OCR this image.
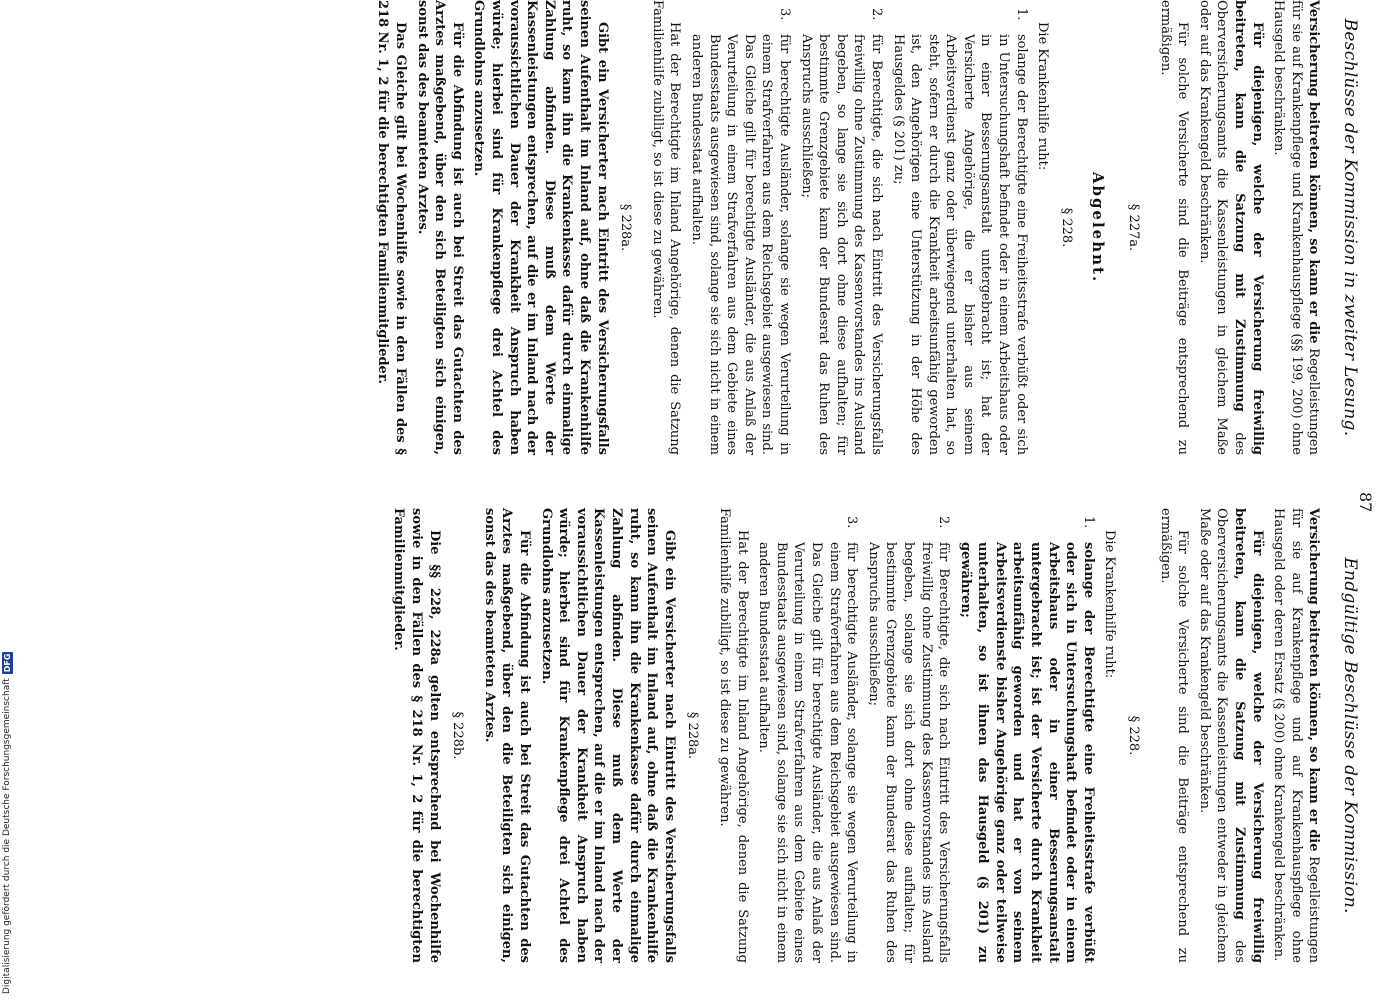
87
Beschlüsse der Kommission in zweiter Lesung.

Versicherung beitreten können, so kann er die Regelleistungen für sie auf Krankenpflege und Krankenhauspflege (§§ 199, 200) ohne Hausgeld beschränken.

Für diejenigen, welche der Versicherung freiwillig beitreten, kann die Satzung mit Zustimmung des Oberversicherungsamts die Kassenleistungen in gleichem Maße oder auf das Krankengeld beschränken.

Für solche Versicherte sind die Beiträge entsprechend zu ermäßigen.

§ 227a.
Abgelehnt.
§ 228.

Die Krankenhilfe ruht:

1.
solange der Berechtigte eine Freiheitsstrafe verbüßt oder sich in Untersuchungshaft befindet oder in einem Arbeitshaus oder in einer Besserungsanstalt untergebracht ist; hat der Versicherte Angehörige, die er bisher aus seinem Arbeitsverdienst ganz oder überwiegend unterhalten hat, so steht, sofern er durch die Krankheit arbeitsunfähig geworden ist, den Angehörigen eine Unterstützung in der Höhe des Hausgeldes (§ 201) zu;
2.
für Berechtigte, die sich nach Eintritt des Versicherungsfalls freiwillig ohne Zustimmung des Kassenvorstandes ins Ausland begeben, so lange sie sich dort ohne diese aufhalten; für bestimmte Grenzgebiete kann der Bundesrat das Ruhen des Anspruchs ausschließen;
3.
für berechtigte Ausländer, solange sie wegen Verurteilung in einem Strafverfahren aus dem Reichsgebiet ausgewiesen sind. Das Gleiche gilt für berechtigte Ausländer, die aus Anlaß der Verurteilung in einem Strafverfahren aus dem Gebiete eines Bundesstaats ausgewiesen sind, solange sie sich nicht in einem anderen Bundesstaat aufhalten.

Hat der Berechtigte im Inland Angehörige, denen die Satzung Familienhilfe zubilligt, so ist diese zu gewähren.

§ 228a.

Gibt ein Versicherter nach Eintritt des Versicherungsfalls seinen Aufenthalt im Inland auf, ohne daß die Krankenhilfe ruht, so kann ihn die Krankenkasse dafür durch einmalige Zahlung abfinden. Diese muß dem Werte der Kassenleistungen entsprechen, auf die er im Inland nach der voraussichtlichen Dauer der Krankheit Anspruch haben würde; hierbei sind für Krankenpflege drei Achtel des Grundlohns anzusetzen.

Für die Abfindung ist auch bei Streit das Gutachten des Arztes maßgebend, über den sich Beteiligten sich einigen, sonst das des beamteten Arztes.

Das Gleiche gilt bei Wochenhilfe sowie in den Fällen des § 218 Nr. 1, 2 für die berechtigten Familienmitglieder.

Endgültige Beschlüsse der Kommission.

Versicherung beitreten können, so kann er die Regelleistungen für sie auf Krankenpflege und auf Krankenhauspflege ohne Hausgeld oder deren Ersatz (§ 200) ohne Krankengeld beschränken.

Für diejenigen, welche der Versicherung freiwillig beitreten, kann die Satzung mit Zustimmung des Oberversicherungsamts die Kassenleistungen entweder in gleichem Maße oder auf das Krankengeld beschränken.

Für solche Versicherte sind die Beiträge entsprechend zu ermäßigen.

§ 228.

Die Krankenhilfe ruht:

1.
solange der Berechtigte eine Freiheitsstrafe verbüßt oder sich in Untersuchungshaft befindet oder in einem Arbeitshaus oder in einer Besserungsanstalt untergebracht ist; ist der Versicherte durch Krankheit arbeitsunfähig geworden und hat er von seinem Arbeitsverdienste bisher Angehörige ganz oder teilweise unterhalten, so ist ihnen das Hausgeld (§ 201) zu gewähren;
2.
für Berechtigte, die sich nach Eintritt des Versicherungsfalls freiwillig ohne Zustimmung des Kassenvorstandes ins Ausland begeben, solange sie sich dort ohne diese aufhalten; für bestimmte Grenzgebiete kann der Bundesrat das Ruhen des Anspruchs ausschließen;
3.
für berechtigte Ausländer, solange sie wegen Verurteilung in einem Strafverfahren aus dem Reichsgebiet ausgewiesen sind. Das Gleiche gilt für berechtigte Ausländer, die aus Anlaß der Verurteilung in einem Strafverfahren aus dem Gebiete eines Bundesstaats ausgewiesen sind, solange sie sich nicht in einem anderen Bundesstaat aufhalten.

Hat der Berechtigte im Inland Angehörige, denen die Satzung Familienhilfe zubilligt, so ist diese zu gewähren.

§ 228a.

Gibt ein Versicherter nach Eintritt des Versicherungsfalls seinen Aufenthalt im Inland auf, ohne daß die Krankenhilfe ruht, so kann ihn die Krankenkasse dafür durch einmalige Zahlung abfinden. Diese muß dem Werte der Kassenleistungen entsprechen, auf die er im Inland nach der voraussichtlichen Dauer der Krankheit Anspruch haben würde; hierbei sind für Krankenpflege drei Achtel des Grundlohns anzusetzen.

Für die Abfindung ist auch bei Streit das Gutachten des Arztes maßgebend, über den die Beteiligten sich einigen, sonst das des beamteten Arztes.

§ 228b.

Die §§ 228, 228a gelten entsprechend bei Wochenhilfe sowie in den Fällen des § 218 Nr. 1, 2 für die berechtigten Familienmitglieder.

Digitalisierung gefördert durch die Deutsche Forschungsgemeinschaft
DFG
